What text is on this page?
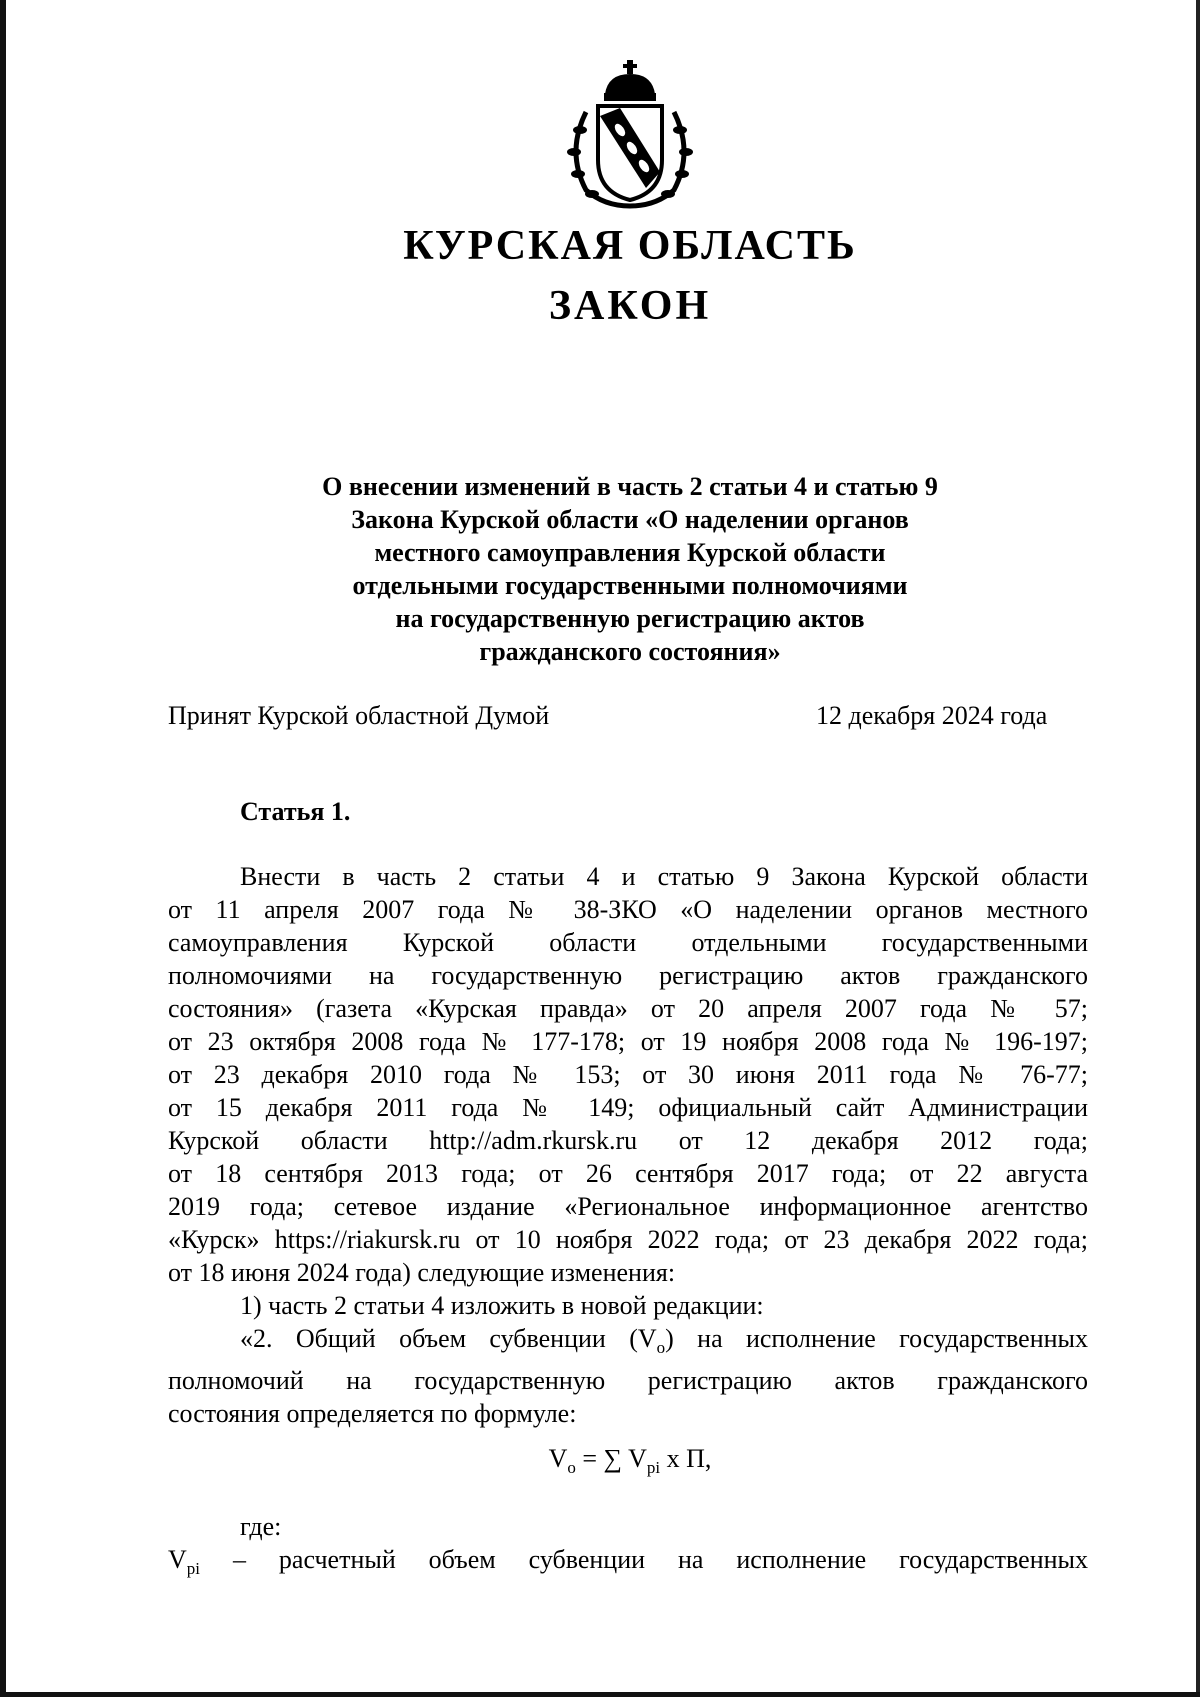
КУРСКАЯ ОБЛАСТЬ
ЗАКОН
О внесении изменений в часть 2 статьи 4 и статью 9
Закона Курской области «О наделении органов
местного самоуправления Курской области
отдельными государственными полномочиями
на государственную регистрацию актов
гражданского состояния»
Принят Курской областной Думой	12 декабря 2024 года
Статья 1.
Внести в часть 2 статьи 4 и статью 9 Закона Курской области
от 11 апреля 2007 года № 38-ЗКО «О наделении органов местного
самоуправления Курской области отдельными государственными
полномочиями на государственную регистрацию актов гражданского
состояния» (газета «Курская правда» от 20 апреля 2007 года № 57;
от 23 октября 2008 года № 177-178; от 19 ноября 2008 года № 196-197;
от 23 декабря 2010 года № 153; от 30 июня 2011 года № 76-77;
от 15 декабря 2011 года № 149; официальный сайт Администрации
Курской области http://adm.rkursk.ru от 12 декабря 2012 года;
от 18 сентября 2013 года; от 26 сентября 2017 года; от 22 августа
2019 года; сетевое издание «Региональное информационное агентство
«Курск» https://riakursk.ru от 10 ноября 2022 года; от 23 декабря 2022 года;
от 18 июня 2024 года) следующие изменения:
1) часть 2 статьи 4 изложить в новой редакции:
«2. Общий объем субвенции $(V_o)$ на исполнение государственных
полномочий на государственную регистрацию актов гражданского
состояния определяется по формуле:
$V_o$ = ∑ $V_{pi}$ x П,
где:
$V_{pi}$ – расчетный объем субвенции на исполнение государственных
